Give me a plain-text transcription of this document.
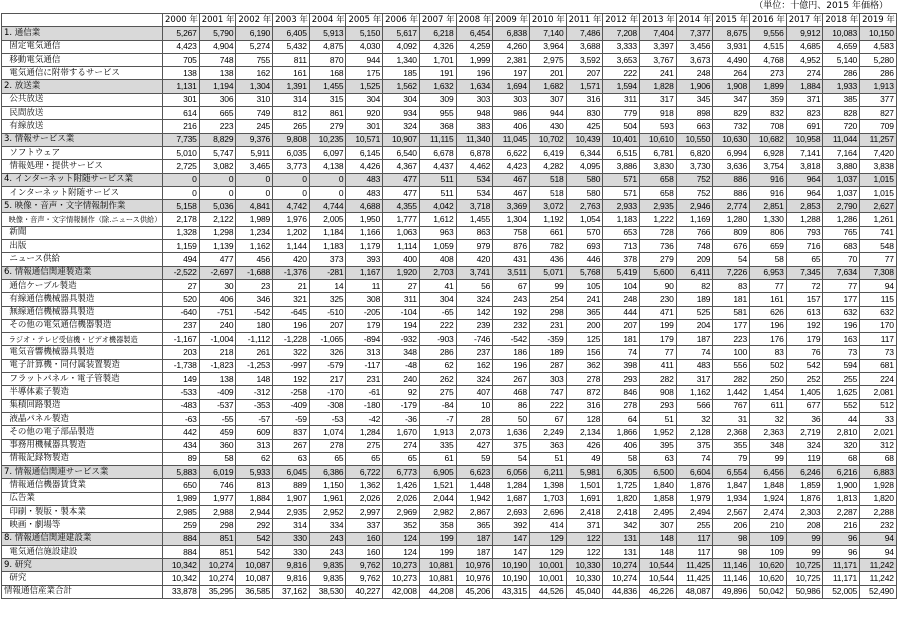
（単位：十億円、2015 年価格）
	2000 年	2001 年	2002 年	2003 年	2004 年	2005 年	2006 年	2007 年	2008 年	2009 年	2010 年	2011 年	2012 年	2013 年	2014 年	2015 年	2016 年	2017 年	2018 年	2019 年
1. 通信業	5,267	5,790	6,190	6,405	5,913	5,150	5,617	6,218	6,454	6,838	7,140	7,486	7,208	7,404	7,377	8,675	9,556	9,912	10,083	10,150
固定電気通信	4,423	4,904	5,274	5,432	4,875	4,030	4,092	4,326	4,259	4,260	3,964	3,688	3,333	3,397	3,456	3,931	4,515	4,685	4,659	4,583
移動電気通信	705	748	755	811	870	944	1,340	1,701	1,999	2,381	2,975	3,592	3,653	3,767	3,673	4,490	4,768	4,952	5,140	5,280
電気通信に附帯するサービス	138	138	162	161	168	175	185	191	196	197	201	207	222	241	248	264	273	274	286	286
2. 放送業	1,131	1,194	1,304	1,391	1,455	1,525	1,562	1,632	1,634	1,694	1,682	1,571	1,594	1,828	1,906	1,908	1,899	1,884	1,933	1,913
公共放送	301	306	310	314	315	304	304	309	303	303	307	316	311	317	345	347	359	371	385	377
民間放送	614	665	749	812	861	920	934	955	948	986	944	830	779	918	898	829	832	823	828	827
有線放送	216	223	245	265	279	301	324	368	383	406	430	425	504	593	663	732	708	691	720	709
3. 情報サービス業	7,735	8,829	9,376	9,808	10,235	10,571	10,907	11,115	11,340	11,045	10,702	10,439	10,401	10,610	10,550	10,630	10,682	10,958	11,044	11,257
ソフトウェア	5,010	5,747	5,911	6,035	6,097	6,145	6,540	6,678	6,878	6,622	6,419	6,344	6,515	6,781	6,820	6,994	6,928	7,141	7,164	7,420
情報処理・提供サービス	2,725	3,082	3,465	3,773	4,138	4,426	4,367	4,437	4,462	4,423	4,282	4,095	3,886	3,830	3,730	3,636	3,754	3,818	3,880	3,838
4. インターネット附随サービス業	0	0	0	0	0	483	477	511	534	467	518	580	571	658	752	886	916	964	1,037	1,015
インターネット附随サービス	0	0	0	0	0	483	477	511	534	467	518	580	571	658	752	886	916	964	1,037	1,015
5. 映像・音声・文字情報制作業	5,158	5,036	4,841	4,742	4,744	4,688	4,355	4,042	3,718	3,369	3,072	2,763	2,933	2,935	2,946	2,774	2,851	2,853	2,790	2,627
映像・音声・文字情報制作（除.ニュース供給）	2,178	2,122	1,989	1,976	2,005	1,950	1,777	1,612	1,455	1,304	1,192	1,054	1,183	1,222	1,169	1,280	1,330	1,288	1,286	1,261
新聞	1,328	1,298	1,234	1,202	1,184	1,166	1,063	963	863	758	661	570	653	728	766	809	806	793	765	741
出版	1,159	1,139	1,162	1,144	1,183	1,179	1,114	1,059	979	876	782	693	713	736	748	676	659	716	683	548
ニュース供給	494	477	456	420	373	393	400	408	420	431	436	446	378	279	209	54	58	65	70	77
6. 情報通信関連製造業	-2,522	-2,697	-1,688	-1,376	-281	1,167	1,920	2,703	3,741	3,511	5,071	5,768	5,419	5,600	6,411	7,226	6,953	7,345	7,634	7,308
通信ケーブル製造	27	30	23	21	14	11	27	41	56	67	99	105	104	90	82	83	77	72	77	94
有線通信機械器具製造	520	406	346	321	325	308	311	304	324	243	254	241	248	230	189	181	161	157	177	115
無線通信機械器具製造	-640	-751	-542	-645	-510	-205	-104	-65	142	192	298	365	444	471	525	581	626	613	632	632
その他の電気通信機器製造	237	240	180	196	207	179	194	222	239	232	231	200	207	199	204	177	196	192	196	170
ラジオ・テレビ受信機・ビデオ機器製造	-1,167	-1,004	-1,112	-1,228	-1,065	-894	-932	-903	-746	-542	-359	125	181	179	187	223	176	179	163	117
電気音響機械器具製造	203	218	261	322	326	313	348	286	237	186	189	156	74	77	74	100	83	76	73	73
電子計算機・同付属装置製造	-1,738	-1,823	-1,253	-997	-579	-117	-48	62	162	196	287	362	398	411	483	556	502	542	594	681
フラットパネル・電子管製造	149	138	148	192	217	231	240	262	324	267	303	278	293	282	317	282	250	252	255	224
半導体素子製造	-533	-409	-312	-258	-170	-61	92	275	407	468	747	872	846	908	1,162	1,442	1,454	1,405	1,625	2,081
集積回路製造	-483	-537	-353	-409	-308	-180	-179	-84	10	86	222	316	278	293	566	767	611	677	552	512
液晶パネル製造	-63	-55	-57	-59	-53	-42	-36	-7	28	50	67	128	64	51	32	31	32	36	44	33
その他の電子部品製造	442	459	609	837	1,074	1,284	1,670	1,913	2,073	1,636	2,249	2,134	1,866	1,952	2,128	2,368	2,363	2,719	2,810	2,021
事務用機械器具製造	434	360	313	267	278	275	274	335	427	375	363	426	406	395	375	355	348	324	320	312
情報記録物製造	89	58	62	63	65	65	65	61	59	54	51	49	58	63	74	79	99	119	68	68
7. 情報通信関連サービス業	5,883	6,019	5,933	6,045	6,386	6,722	6,773	6,905	6,623	6,056	6,211	5,981	6,305	6,500	6,604	6,554	6,456	6,246	6,216	6,883
情報通信機器賃貸業	650	746	813	889	1,150	1,362	1,426	1,521	1,448	1,284	1,398	1,501	1,725	1,840	1,876	1,847	1,848	1,859	1,900	1,928
広告業	1,989	1,977	1,884	1,907	1,961	2,026	2,026	2,044	1,942	1,687	1,703	1,691	1,820	1,858	1,979	1,934	1,924	1,876	1,813	1,820
印刷・製版・製本業	2,985	2,988	2,944	2,935	2,952	2,997	2,969	2,982	2,867	2,693	2,696	2,418	2,418	2,495	2,494	2,567	2,474	2,303	2,287	2,288
映画・劇場等	259	298	292	314	334	337	352	358	365	392	414	371	342	307	255	206	210	208	216	232
8. 情報通信関連建設業	884	851	542	330	243	160	124	199	187	147	129	122	131	148	117	98	109	99	96	94
電気通信施設建設	884	851	542	330	243	160	124	199	187	147	129	122	131	148	117	98	109	99	96	94
9. 研究	10,342	10,274	10,087	9,816	9,835	9,762	10,273	10,881	10,976	10,190	10,001	10,330	10,274	10,544	11,425	11,146	10,620	10,725	11,171	11,242
研究	10,342	10,274	10,087	9,816	9,835	9,762	10,273	10,881	10,976	10,190	10,001	10,330	10,274	10,544	11,425	11,146	10,620	10,725	11,171	11,242
情報通信産業合計	33,878	35,295	36,585	37,162	38,530	40,227	42,008	44,208	45,206	43,315	44,526	45,040	44,836	46,226	48,087	49,896	50,042	50,986	52,005	52,490
